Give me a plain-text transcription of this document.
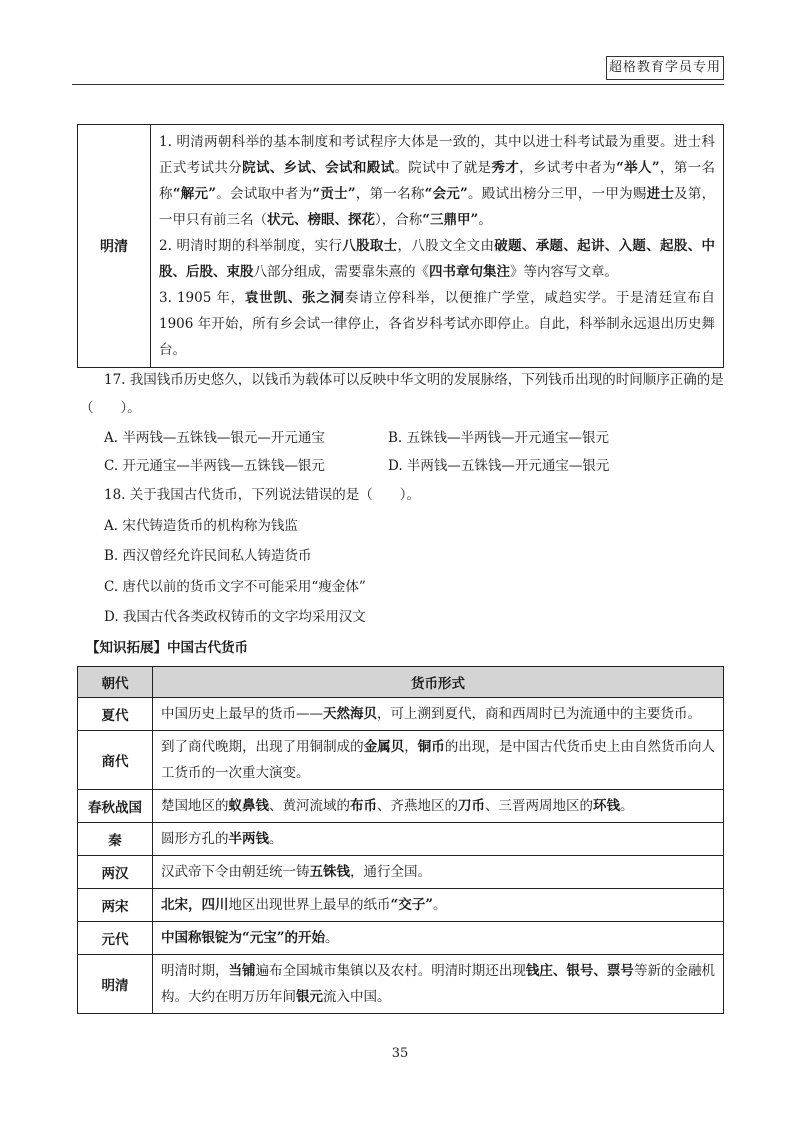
超格教育学员专用
明清	

1. 明清两朝科举的基本制度和考试程序大体是一致的，其中以进士科考试最为重要。进士科正式考试共分院试、乡试、会试和殿试。院试中了就是秀才，乡试考中者为“举人”，第一名称“解元”。会试取中者为“贡士”，第一名称“会元”。殿试出榜分三甲，一甲为赐进士及第，一甲只有前三名（状元、榜眼、探花），合称“三鼎甲”。

2. 明清时期的科举制度，实行八股取士，八股文全文由破题、承题、起讲、入题、起股、中股、后股、束股八部分组成，需要靠朱熹的《四书章句集注》等内容写文章。

3. 1905 年，袁世凯、张之洞奏请立停科举，以便推广学堂，咸趋实学。于是清廷宣布自 1906 年开始，所有乡会试一律停止，各省岁科考试亦即停止。自此，科举制永远退出历史舞台。

17. 我国钱币历史悠久，以钱币为载体可以反映中华文明的发展脉络，下列钱币出现的时间顺序正确的是
（　　）。
A. 半两钱—五铢钱—银元—开元通宝	B. 五铢钱—半两钱—开元通宝—银元
C. 开元通宝—半两钱—五铢钱—银元	D. 半两钱—五铢钱—开元通宝—银元
18. 关于我国古代货币，下列说法错误的是（　　）。
A. 宋代铸造货币的机构称为钱监
B. 西汉曾经允许民间私人铸造货币
C. 唐代以前的货币文字不可能采用“瘦金体”
D. 我国古代各类政权铸币的文字均采用汉文
【知识拓展】中国古代货币
朝代	货币形式
夏代	中国历史上最早的货币——天然海贝，可上溯到夏代，商和西周时已为流通中的主要货币。
商代	到了商代晚期，出现了用铜制成的金属贝，铜币的出现，是中国古代货币史上由自然货币向人工货币的一次重大演变。
春秋战国	楚国地区的蚁鼻钱、黄河流域的布币、齐燕地区的刀币、三晋两周地区的环钱。
秦	圆形方孔的半两钱。
两汉	汉武帝下令由朝廷统一铸五铢钱，通行全国。
两宋	北宋，四川地区出现世界上最早的纸币“交子”。
元代	中国称银锭为“元宝”的开始。
明清	明清时期，当铺遍布全国城市集镇以及农村。明清时期还出现钱庄、银号、票号等新的金融机构。大约在明万历年间银元流入中国。
35
